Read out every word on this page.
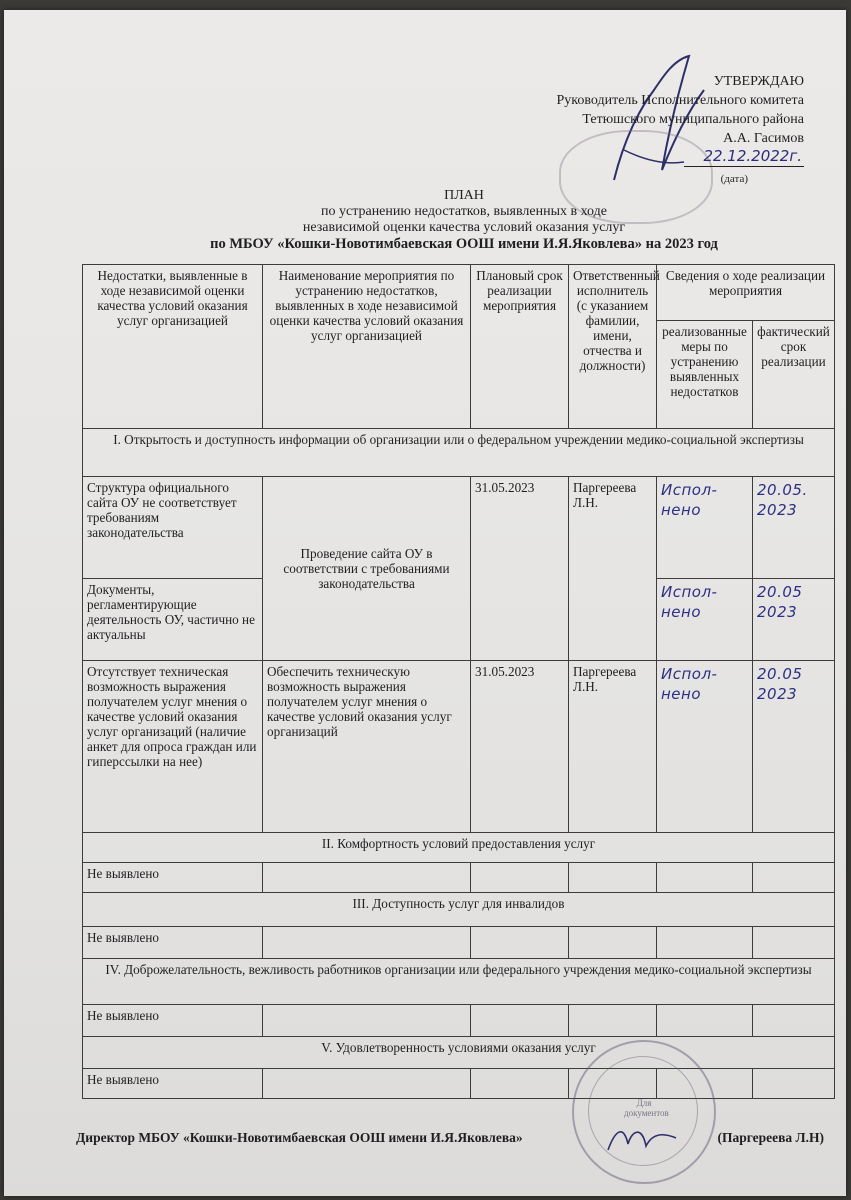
УТВЕРЖДАЮ
Руководитель Исполнительного комитета
Тетюшского муниципального района
А.А. Гасимов
22.12.2022г.
(дата)
ПЛАН
по устранению недостатков, выявленных в ходе
независимой оценки качества условий оказания услуг
по МБОУ «Кошки-Новотимбаевская ООШ имени И.Я.Яковлева» на 2023 год
Недостатки, выявленные в ходе независимой оценки качества условий оказания услуг организацией	Наименование мероприятия по устранению недостатков, выявленных в ходе независимой оценки качества условий оказания услуг организацией	Плановый срок реализации мероприятия	Ответственный исполнитель (с указанием фамилии, имени, отчества и должности)	Сведения о ходе реализации мероприятия	
				реализованные меры по устранению выявленных недостатков	фактический срок реализации
I. Открытость и доступность информации об организации или о федеральном учреждении медико-социальной экспертизы					
Структура официального сайта ОУ не соответствует требованиям законодательства	Проведение сайта ОУ в соответствии с требованиями законодательства	31.05.2023	Паргереева Л.Н.	Испол-нено	20.05. 2023
Документы, регламентирующие деятельность ОУ, частично не актуальны				Испол-нено	20.05 2023
Отсутствует техническая возможность выражения получателем услуг мнения о качестве условий оказания услуг организаций (наличие анкет для опроса граждан или гиперссылки на нее)	Обеспечить техническую возможность выражения получателем услуг мнения о качестве условий оказания услуг организаций	31.05.2023	Паргереева Л.Н.	Испол-нено	20.05 2023
II. Комфортность условий предоставления услуг					
Не выявлено					
III. Доступность услуг для инвалидов					
Не выявлено					
IV. Доброжелательность, вежливость работников организации или федерального учреждения медико-социальной экспертизы					
Не выявлено					
V. Удовлетворенность условиями оказания услуг					
Не выявлено					
Директор МБОУ «Кошки-Новотимбаевская ООШ имени И.Я.Яковлева»	(Паргереева Л.Н)
Для документов
